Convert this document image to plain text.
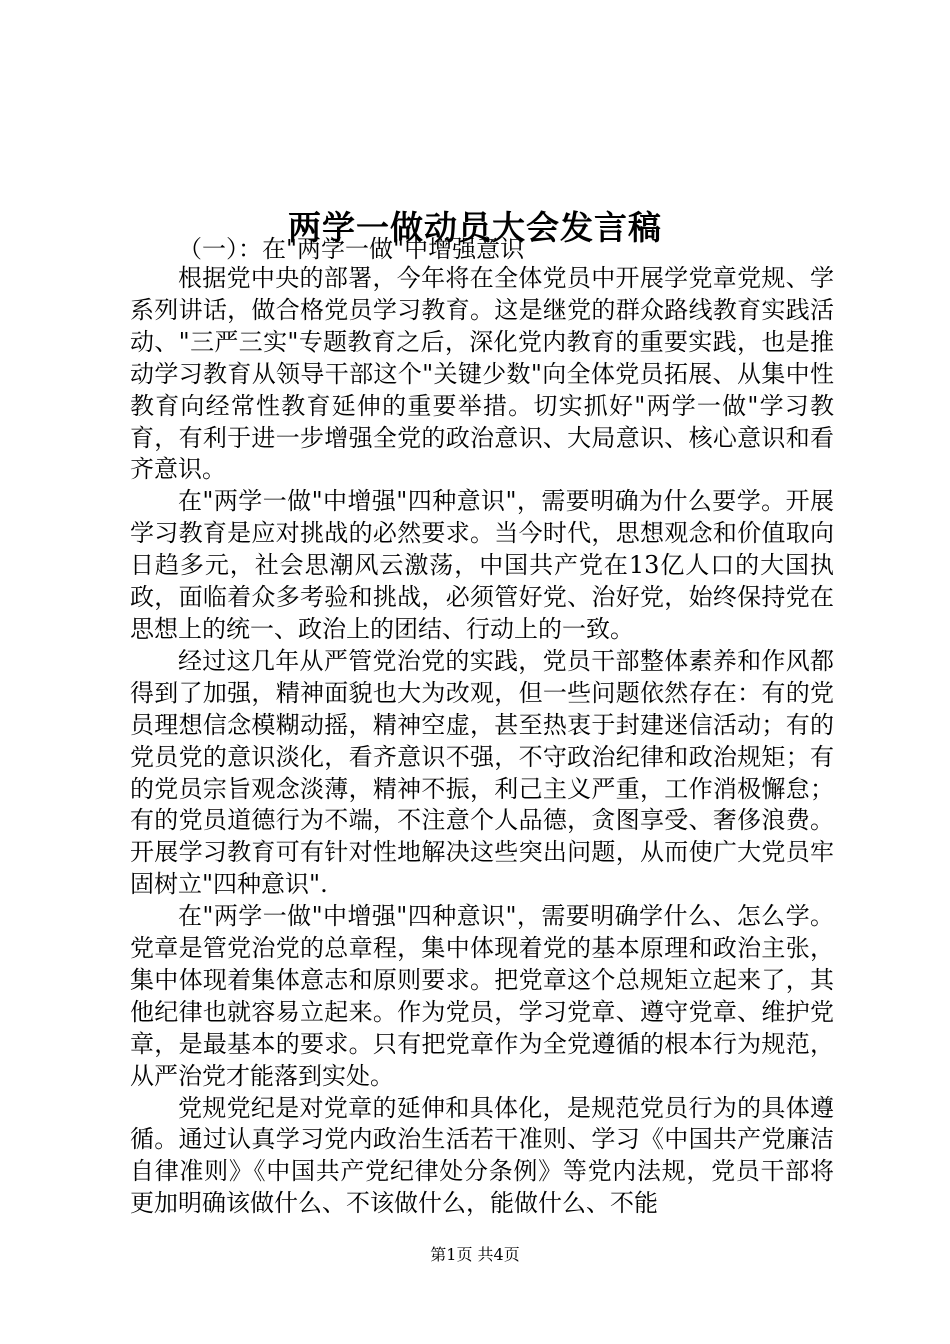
两学一做动员大会发言稿
（一）：在"两学一做"中增强意识

根据党中央的部署，今年将在全体党员中开展学党章党规、学系列讲话，做合格党员学习教育。这是继党的群众路线教育实践活动、"三严三实"专题教育之后，深化党内教育的重要实践，也是推动学习教育从领导干部这个"关键少数"向全体党员拓展、从集中性教育向经常性教育延伸的重要举措。切实抓好"两学一做"学习教育，有利于进一步增强全党的政治意识、大局意识、核心意识和看齐意识。

在"两学一做"中增强"四种意识"，需要明确为什么要学。开展学习教育是应对挑战的必然要求。当今时代，思想观念和价值取向日趋多元，社会思潮风云激荡，中国共产党在13亿人口的大国执政，面临着众多考验和挑战，必须管好党、治好党，始终保持党在思想上的统一、政治上的团结、行动上的一致。

经过这几年从严管党治党的实践，党员干部整体素养和作风都得到了加强，精神面貌也大为改观，但一些问题依然存在：有的党员理想信念模糊动摇，精神空虚，甚至热衷于封建迷信活动；有的党员党的意识淡化，看齐意识不强，不守政治纪律和政治规矩；有的党员宗旨观念淡薄，精神不振，利己主义严重，工作消极懈怠；有的党员道德行为不端，不注意个人品德，贪图享受、奢侈浪费。开展学习教育可有针对性地解决这些突出问题，从而使广大党员牢固树立"四种意识".

在"两学一做"中增强"四种意识"，需要明确学什么、怎么学。党章是管党治党的总章程，集中体现着党的基本原理和政治主张，集中体现着集体意志和原则要求。把党章这个总规矩立起来了，其他纪律也就容易立起来。作为党员，学习党章、遵守党章、维护党章，是最基本的要求。只有把党章作为全党遵循的根本行为规范，从严治党才能落到实处。

党规党纪是对党章的延伸和具体化，是规范党员行为的具体遵循。通过认真学习党内政治生活若干准则、学习《中国共产党廉洁自律准则》《中国共产党纪律处分条例》等党内法规，党员干部将更加明确该做什么、不该做什么，能做什么、不能

第1页 共4页
